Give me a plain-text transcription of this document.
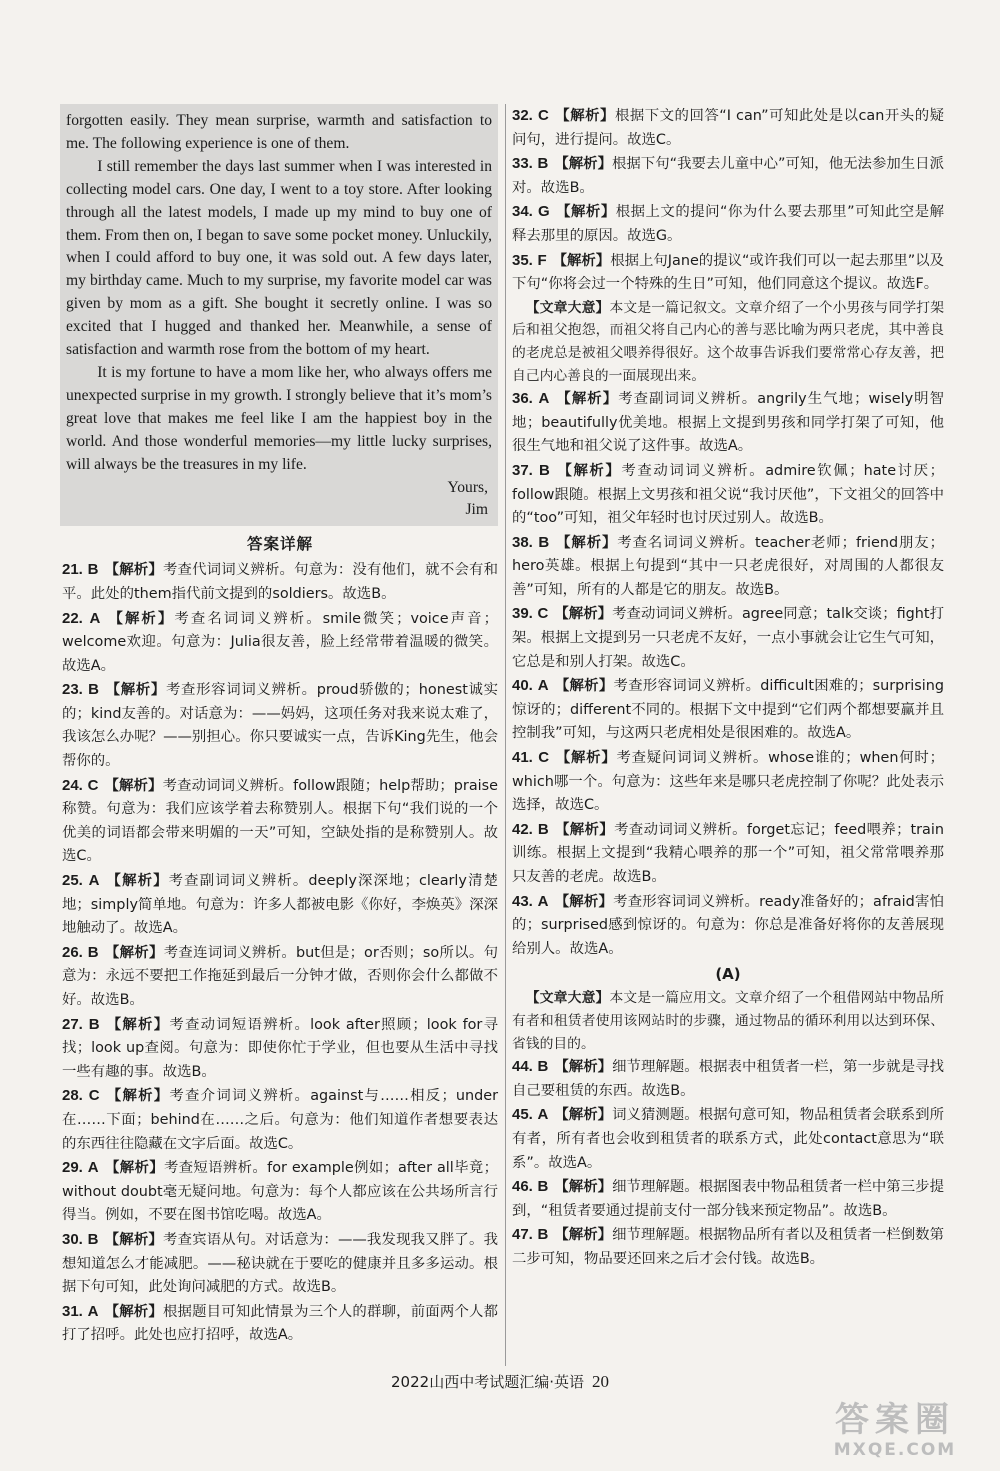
forgotten easily. They mean surprise, warmth and satisfaction to me. The following experience is one of them.

I still remember the days last summer when I was interested in collecting model cars. One day, I went to a toy store. After looking through all the latest models, I made up my mind to buy one of them. From then on, I began to save some pocket money. Unluckily, when I could afford to buy one, it was sold out. A few days later, my birthday came. Much to my surprise, my favorite model car was given by mom as a gift. She bought it secretly online. I was so excited that I hugged and thanked her. Meanwhile, a sense of satisfaction and warmth rose from the bottom of my heart.

It is my fortune to have a mom like her, who always offers me unexpected surprise in my growth. I strongly believe that it’s mom’s great love that makes me feel like I am the happiest boy in the world. And those wonderful memories—my little lucky surprises, will always be the treasures in my life.

Yours,

Jim

答案详解

21. B 【解析】考查代词词义辨析。句意为：没有他们，就不会有和平。此处的them指代前文提到的soldiers。故选B。

22. A 【解析】考查名词词义辨析。smile微笑；voice声音；welcome欢迎。句意为：Julia很友善，脸上经常带着温暖的微笑。故选A。

23. B 【解析】考查形容词词义辨析。proud骄傲的；honest诚实的；kind友善的。对话意为：——妈妈，这项任务对我来说太难了，我该怎么办呢？——别担心。你只要诚实一点，告诉King先生，他会帮你的。

24. C 【解析】考查动词词义辨析。follow跟随；help帮助；praise称赞。句意为：我们应该学着去称赞别人。根据下句“我们说的一个优美的词语都会带来明媚的一天”可知，空缺处指的是称赞别人。故选C。

25. A 【解析】考查副词词义辨析。deeply深深地；clearly清楚地；simply简单地。句意为：许多人都被电影《你好，李焕英》深深地触动了。故选A。

26. B 【解析】考查连词词义辨析。but但是；or否则；so所以。句意为：永远不要把工作拖延到最后一分钟才做，否则你会什么都做不好。故选B。

27. B 【解析】考查动词短语辨析。look after照顾；look for寻找；look up查阅。句意为：即使你忙于学业，但也要从生活中寻找一些有趣的事。故选B。

28. C 【解析】考查介词词义辨析。against与……相反；under在……下面；behind在……之后。句意为：他们知道作者想要表达的东西往往隐藏在文字后面。故选C。

29. A 【解析】考查短语辨析。for example例如；after all毕竟；without doubt毫无疑问地。句意为：每个人都应该在公共场所言行得当。例如，不要在图书馆吃喝。故选A。

30. B 【解析】考查宾语从句。对话意为：——我发现我又胖了。我想知道怎么才能减肥。——秘诀就在于要吃的健康并且多多运动。根据下句可知，此处询问减肥的方式。故选B。

31. A 【解析】根据题目可知此情景为三个人的群聊，前面两个人都打了招呼。此处也应打招呼，故选A。

32. C 【解析】根据下文的回答“I can”可知此处是以can开头的疑问句，进行提问。故选C。

33. B 【解析】根据下句“我要去儿童中心”可知，他无法参加生日派对。故选B。

34. G 【解析】根据上文的提问“你为什么要去那里”可知此空是解释去那里的原因。故选G。

35. F 【解析】根据上句Jane的提议“或许我们可以一起去那里”以及下句“你将会过一个特殊的生日”可知，他们同意这个提议。故选F。

【文章大意】本文是一篇记叙文。文章介绍了一个小男孩与同学打架后和祖父抱怨，而祖父将自己内心的善与恶比喻为两只老虎，其中善良的老虎总是被祖父喂养得很好。这个故事告诉我们要常常心存友善，把自己内心善良的一面展现出来。

36. A 【解析】考查副词词义辨析。angrily生气地；wisely明智地；beautifully优美地。根据上文提到男孩和同学打架了可知，他很生气地和祖父说了这件事。故选A。

37. B 【解析】考查动词词义辨析。admire钦佩；hate讨厌；follow跟随。根据上文男孩和祖父说“我讨厌他”，下文祖父的回答中的“too”可知，祖父年轻时也讨厌过别人。故选B。

38. B 【解析】考查名词词义辨析。teacher老师；friend朋友；hero英雄。根据上句提到“其中一只老虎很好，对周围的人都很友善”可知，所有的人都是它的朋友。故选B。

39. C 【解析】考查动词词义辨析。agree同意；talk交谈；fight打架。根据上文提到另一只老虎不友好，一点小事就会让它生气可知，它总是和别人打架。故选C。

40. A 【解析】考查形容词词义辨析。difficult困难的；surprising惊讶的；different不同的。根据下文中提到“它们两个都想要赢并且控制我”可知，与这两只老虎相处是很困难的。故选A。

41. C 【解析】考查疑问词词义辨析。whose谁的；when何时；which哪一个。句意为：这些年来是哪只老虎控制了你呢？此处表示选择，故选C。

42. B 【解析】考查动词词义辨析。forget忘记；feed喂养；train训练。根据上文提到“我精心喂养的那一个”可知，祖父常常喂养那只友善的老虎。故选B。

43. A 【解析】考查形容词词义辨析。ready准备好的；afraid害怕的；surprised感到惊讶的。句意为：你总是准备好将你的友善展现给别人。故选A。

(A)

【文章大意】本文是一篇应用文。文章介绍了一个租借网站中物品所有者和租赁者使用该网站时的步骤，通过物品的循环利用以达到环保、省钱的目的。

44. B 【解析】细节理解题。根据表中租赁者一栏，第一步就是寻找自己要租赁的东西。故选B。

45. A 【解析】词义猜测题。根据句意可知，物品租赁者会联系到所有者，所有者也会收到租赁者的联系方式，此处contact意思为“联系”。故选A。

46. B 【解析】细节理解题。根据图表中物品租赁者一栏中第三步提到，“租赁者要通过提前支付一部分钱来预定物品”。故选B。

47. B 【解析】细节理解题。根据物品所有者以及租赁者一栏倒数第二步可知，物品要还回来之后才会付钱。故选B。

2022山西中考试题汇编·英语 20
答案圈
MXQE.COM
